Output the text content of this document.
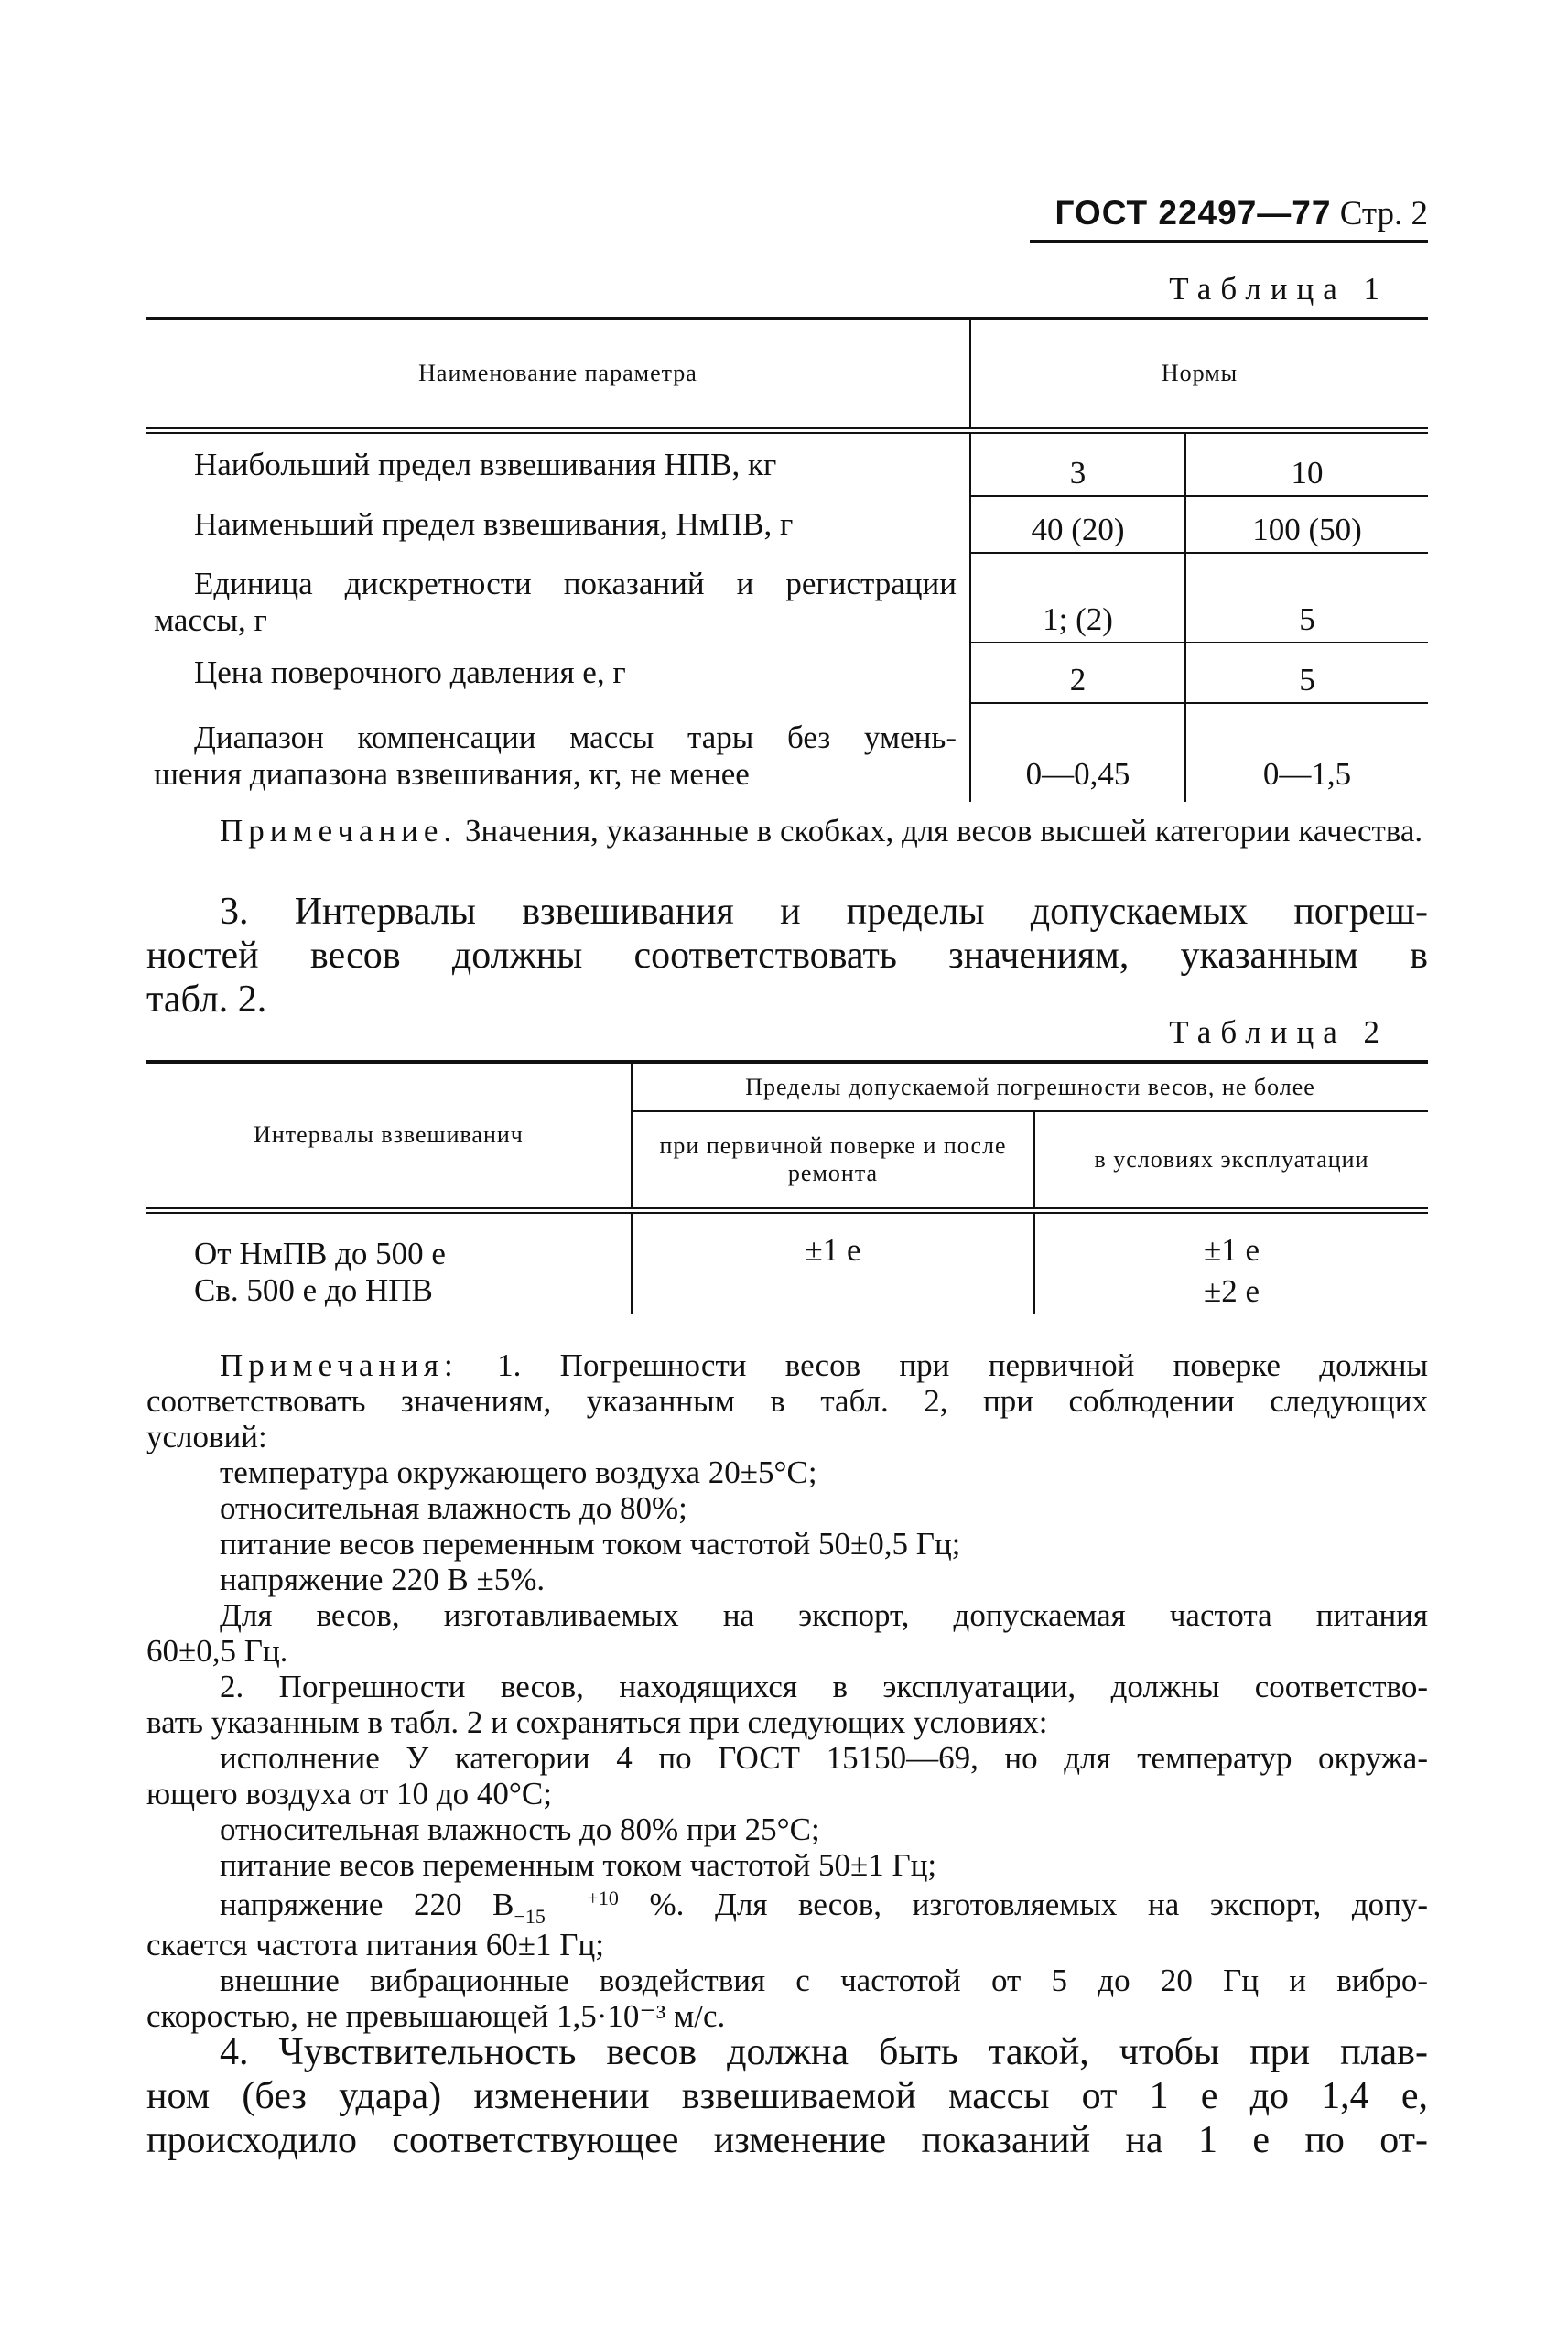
ГОСТ 22497—77 Стр. 2
Таблица 1
Наименование параметра	Нормы	
Наибольший предел взвешивания НПВ, кг	3	10
Наименьший предел взвешивания, НмПВ, г	40 (20)	100 (50)

Единица дискретности показаний и регистрации
массы, г	1; (2)	5
Цена поверочного давления e, г	2	5

Диапазон компенсации массы тары без умень-
шения диапазона взвешивания, кг, не менее	0—0,45	0—1,5

Примечание. Значения, указанные в скобках, для весов высшей категории качества.

3. Интервалы взвешивания и пределы допускаемых погреш-

ностей весов должны соответствовать значениям, указанным в

табл. 2.

Таблица 2
Интервалы взвешиванич	Пределы допускаемой погрешности весов, не более	
	при первичной поверке и после ремонта	в условиях эксплуатации
От НмПВ до 500 e	±1 e	±1 e
Св. 500 e до НПВ		±2 e

Примечания: 1. Погрешности весов при первичной поверке должны

соответствовать значениям, указанным в табл. 2, при соблюдении следующих

условий:

температура окружающего воздуха 20±5°С;

относительная влажность до 80%;

питание весов переменным током частотой 50±0,5 Гц;

напряжение 220 В ±5%.

Для весов, изготавливаемых на экспорт, допускаемая частота питания

60±0,5 Гц.

2. Погрешности весов, находящихся в эксплуатации, должны соответство-

вать указанным в табл. 2 и сохраняться при следующих условиях:

исполнение У категории 4 по ГОСТ 15150—69, но для температур окружа-

ющего воздуха от 10 до 40°С;

относительная влажность до 80% при 25°С;

питание весов переменным током частотой 50±1 Гц;

напряжение 220 В	+10
−15	%. Для весов, изготовляемых на экспорт, допу-

скается частота питания 60±1 Гц;

внешние вибрационные воздействия с частотой от 5 до 20 Гц и вибро-

скоростью, не превышающей 1,5·10⁻³ м/с.

4. Чувствительность весов должна быть такой, чтобы при плав-

ном (без удара) изменении взвешиваемой массы от 1 e до 1,4 e,

происходило соответствующее изменение показаний на 1 e по от-
